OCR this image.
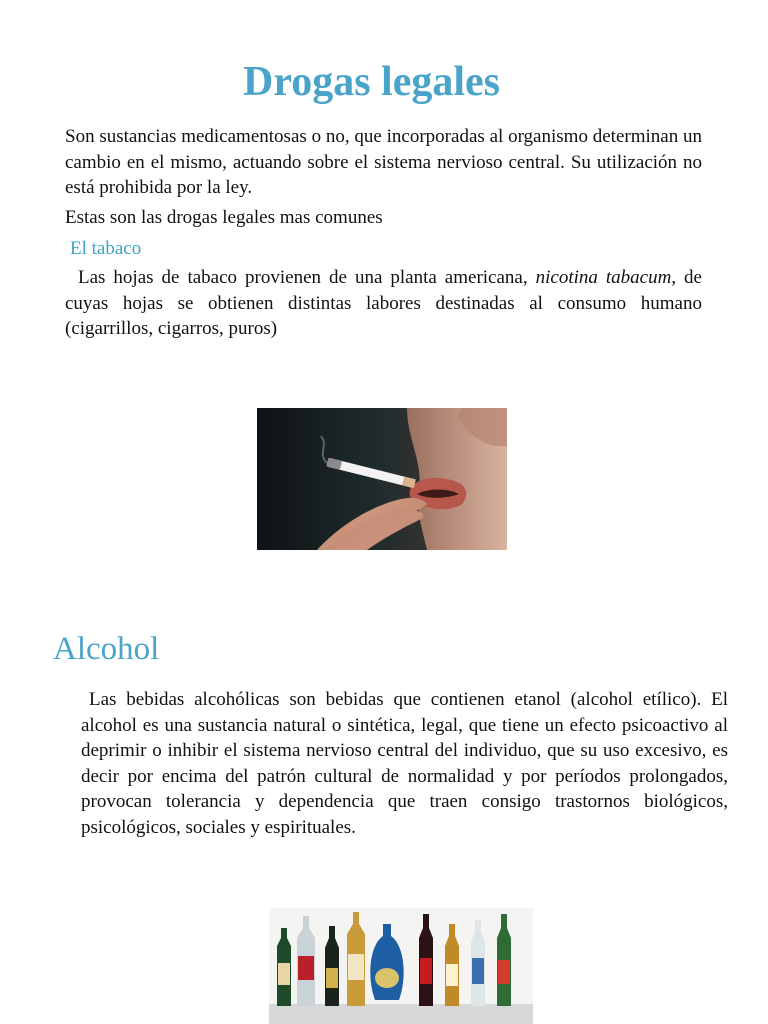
Drogas legales

Son sustancias medicamentosas o no, que incorporadas al organismo determinan un cambio en el mismo, actuando sobre el sistema nervioso central. Su utilización no está prohibida por la ley.

Estas son las drogas legales mas comunes

El tabaco

Las hojas de tabaco provienen de una planta americana, nicotina tabacum, de cuyas hojas se obtienen distintas labores destinadas al consumo humano (cigarrillos, cigarros, puros)

Alcohol

Las bebidas alcohólicas son bebidas que contienen etanol (alcohol etílico). El alcohol es una sustancia natural o sintética, legal, que tiene un efecto psicoactivo al deprimir o inhibir el sistema nervioso central del individuo, que su uso excesivo, es decir por encima del patrón cultural de normalidad y por períodos prolongados, provocan tolerancia y dependencia que traen consigo trastornos biológicos, psicológicos, sociales y espirituales.
